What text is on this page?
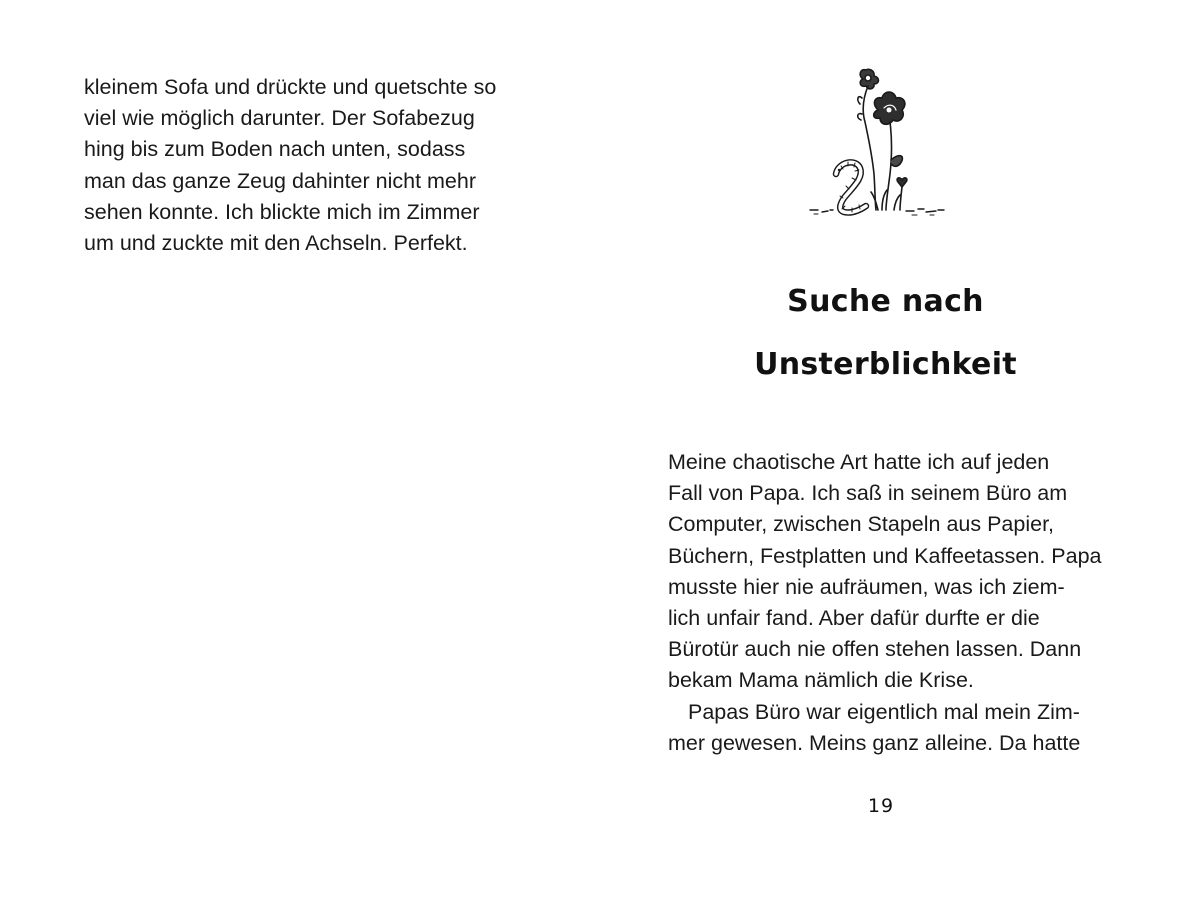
kleinem Sofa und drückte und quetschte so
viel wie möglich darunter. Der Sofabezug
hing bis zum Boden nach unten, sodass
man das ganze Zeug dahinter nicht mehr
sehen konnte. Ich blickte mich im Zimmer
um und zuckte mit den Achseln. Perfekt.

Suche nach
Unsterblichkeit

Meine chaotische Art hatte ich auf jeden
Fall von Papa. Ich saß in seinem Büro am
Computer, zwischen Stapeln aus Papier,
Büchern, Festplatten und Kaffeetassen. Papa
musste hier nie aufräumen, was ich ziem-
lich unfair fand. Aber dafür durfte er die
Bürotür auch nie offen stehen lassen. Dann
bekam Mama nämlich die Krise.
Papas Büro war eigentlich mal mein Zim-
mer gewesen. Meins ganz alleine. Da hatte

19
